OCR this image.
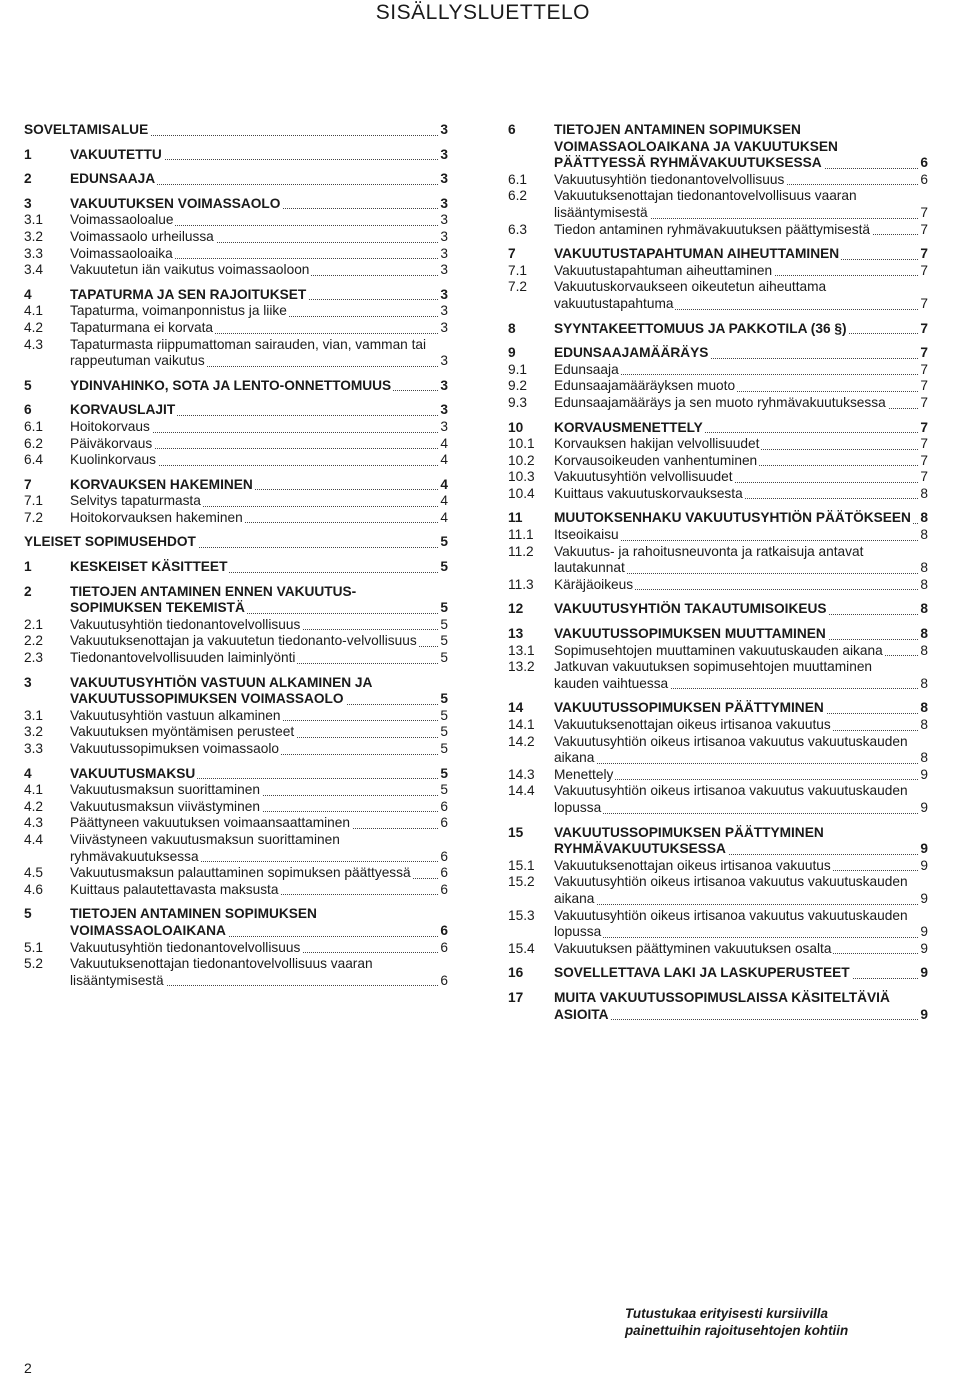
SISÄLLYSLUETTELO
SOVELTAMISALUE	3
1	VAKUUTETTU	3
2	EDUNSAAJA	3
3	VAKUUTUKSEN VOIMASSAOLO	3
3.1	Voimassaoloalue	3
3.2	Voimassaolo urheilussa	3
3.3	Voimassaoloaika	3
3.4	Vakuutetun iän vaikutus voimassaoloon	3
4	TAPATURMA JA SEN RAJOITUKSET	3
4.1	Tapaturma, voimanponnistus ja liike	3
4.2	Tapaturmana ei korvata	3
4.3	Tapaturmasta riippumattoman sairauden, vian, vamman tai rappeutuman vaikutus	3
5	YDINVAHINKO, SOTA JA LENTO-ONNETTOMUUS	3
6	KORVAUSLAJIT	3
6.1	Hoitokorvaus	3
6.2	Päiväkorvaus	4
6.4	Kuolinkorvaus	4
7	KORVAUKSEN HAKEMINEN	4
7.1	Selvitys tapaturmasta	4
7.2	Hoitokorvauksen hakeminen	4
YLEISET SOPIMUSEHDOT	5
1	KESKEISET KÄSITTEET	5
2	TIETOJEN ANTAMINEN ENNEN VAKUUTUS-SOPIMUKSEN TEKEMISTÄ	5
2.1	Vakuutusyhtiön tiedonantovelvollisuus	5
2.2	Vakuutuksenottajan ja vakuutetun tiedonanto-velvollisuus 5
2.3	Tiedonantovelvollisuuden laiminlyönti	5
3	VAKUUTUSYHTIÖN VASTUUN ALKAMINEN JA VAKUUTUSSOPIMUKSEN VOIMASSAOLO	5
3.1	Vakuutusyhtiön vastuun alkaminen	5
3.2	Vakuutuksen myöntämisen perusteet	5
3.3	Vakuutussopimuksen voimassaolo	5
4	VAKUUTUSMAKSU	5
4.1	Vakuutusmaksun suorittaminen	5
4.2	Vakuutusmaksun viivästyminen	6
4.3	Päättyneen vakuutuksen voimaansaattaminen	6
4.4	Viivästyneen vakuutusmaksun suorittaminen ryhmävakuutuksessa	6
4.5	Vakuutusmaksun palauttaminen sopimuksen päättyessä 6
4.6	Kuittaus palautettavasta maksusta	6
5	TIETOJEN ANTAMINEN SOPIMUKSEN VOIMASSAOLOAIKANA	6
5.1	Vakuutusyhtiön tiedonantovelvollisuus	6
5.2	Vakuutuksenottajan tiedonantovelvollisuus vaaran lisääntymisestä	6
6	TIETOJEN ANTAMINEN SOPIMUKSEN VOIMASSAOLOAIKANA JA VAKUUTUKSEN PÄÄTTYESSÄ RYHMÄVAKUUTUKSESSA	6
6.1	Vakuutusyhtiön tiedonantovelvollisuus	6
6.2	Vakuutuksenottajan tiedonantovelvollisuus vaaran lisääntymisestä	7
6.3	Tiedon antaminen ryhmävakuutuksen päättymisestä	7
7	VAKUUTUSTAPAHTUMAN AIHEUTTAMINEN	7
7.1	Vakuutustapahtuman aiheuttaminen	7
7.2	Vakuutuskorvaukseen oikeutetun aiheuttama vakuutustapahtuma	7
8	SYYNTAKEETTOMUUS JA PAKKOTILA (36 §)	7
9	EDUNSAAJAMÄÄRÄYS	7
9.1	Edunsaaja	7
9.2	Edunsaajamääräyksen muoto	7
9.3	Edunsaajamääräys ja sen muoto ryhmävakuutuksessa	7
10	KORVAUSMENETTELY	7
10.1	Korvauksen hakijan velvollisuudet	7
10.2	Korvausoikeuden vanhentuminen	7
10.3	Vakuutusyhtiön velvollisuudet	7
10.4	Kuittaus vakuutuskorvauksesta	8
11	MUUTOKSENHAKU VAKUUTUSYHTIÖN PÄÄTÖKSEEN 8
11.1	Itseoikaisu	8
11.2	Vakuutus- ja rahoitusneuvonta ja ratkaisuja antavat lautakunnat	8
11.3	Käräjäoikeus	8
12	VAKUUTUSYHTIÖN TAKAUTUMISOIKEUS	8
13	VAKUUTUSSOPIMUKSEN MUUTTAMINEN	8
13.1	Sopimusehtojen muuttaminen vakuutuskauden aikana	8
13.2	Jatkuvan vakuutuksen sopimusehtojen muuttaminen kauden vaihtuessa	8
14	VAKUUTUSSOPIMUKSEN PÄÄTTYMINEN	8
14.1	Vakuutuksenottajan oikeus irtisanoa vakuutus	8
14.2	Vakuutusyhtiön oikeus irtisanoa vakuutus vakuutuskauden aikana	8
14.3	Menettely	9
14.4	Vakuutusyhtiön oikeus irtisanoa vakuutus vakuutuskauden lopussa	9
15	VAKUUTUSSOPIMUKSEN PÄÄTTYMINEN RYHMÄVAKUUTUKSESSA	9
15.1	Vakuutuksenottajan oikeus irtisanoa vakuutus	9
15.2	Vakuutusyhtiön oikeus irtisanoa vakuutus vakuutuskauden aikana	9
15.3	Vakuutusyhtiön oikeus irtisanoa vakuutus vakuutuskauden lopussa	9
15.4	Vakuutuksen päättyminen vakuutuksen osalta	9
16	SOVELLETTAVA LAKI JA LASKUPERUSTEET	9
17	MUITA VAKUUTUSSOPIMUSLAISSA KÄSITELTÄVIÄ ASIOITA	9
Tutustukaa erityisesti kursiivilla
painettuihin rajoitusehtojen kohtiin
2
